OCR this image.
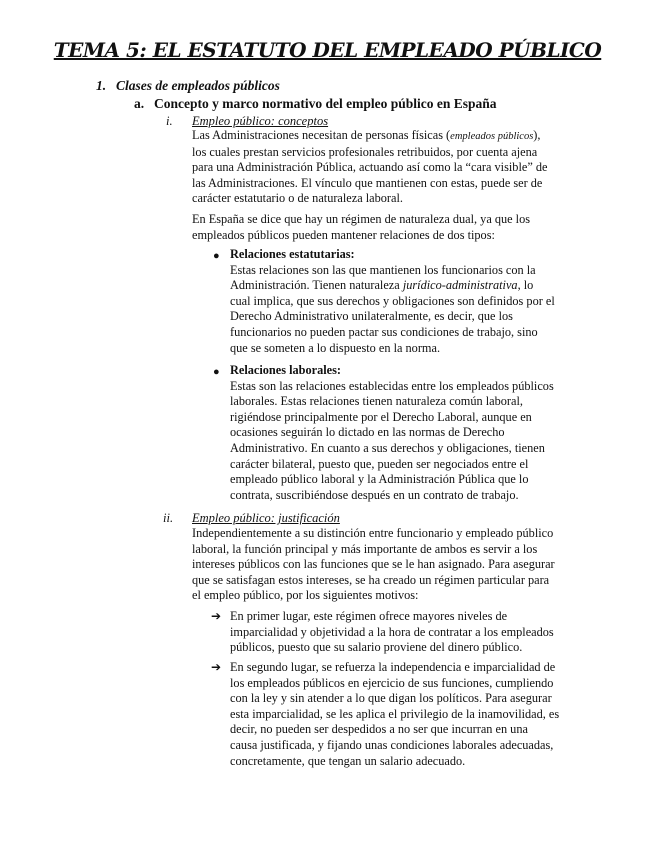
TEMA 5: EL ESTATUTO DEL EMPLEADO PÚBLICO
1. Clases de empleados públicos
a. Concepto y marco normativo del empleo público en España
i. Empleo público: conceptos
Las Administraciones necesitan de personas físicas (empleados públicos),
los cuales prestan servicios profesionales retribuidos, por cuenta ajena
para una Administración Pública, actuando así como la “cara visible” de
las Administraciones. El vínculo que mantienen con estas, puede ser de
carácter estatutario o de naturaleza laboral.
En España se dice que hay un régimen de naturaleza dual, ya que los
empleados públicos pueden mantener relaciones de dos tipos:
● Relaciones estatutarias:
Estas relaciones son las que mantienen los funcionarios con la
Administración. Tienen naturaleza jurídico-administrativa, lo
cual implica, que sus derechos y obligaciones son definidos por el
Derecho Administrativo unilateralmente, es decir, que los
funcionarios no pueden pactar sus condiciones de trabajo, sino
que se someten a lo dispuesto en la norma.
● Relaciones laborales:
Estas son las relaciones establecidas entre los empleados públicos
laborales. Estas relaciones tienen naturaleza común laboral,
rigiéndose principalmente por el Derecho Laboral, aunque en
ocasiones seguirán lo dictado en las normas de Derecho
Administrativo. En cuanto a sus derechos y obligaciones, tienen
carácter bilateral, puesto que, pueden ser negociados entre el
empleado público laboral y la Administración Pública que lo
contrata, suscribiéndose después en un contrato de trabajo.
ii. Empleo público: justificación
Independientemente a su distinción entre funcionario y empleado público
laboral, la función principal y más importante de ambos es servir a los
intereses públicos con las funciones que se le han asignado. Para asegurar
que se satisfagan estos intereses, se ha creado un régimen particular para
el empleo público, por los siguientes motivos:
➔ En primer lugar, este régimen ofrece mayores niveles de
imparcialidad y objetividad a la hora de contratar a los empleados
públicos, puesto que su salario proviene del dinero público.
➔ En segundo lugar, se refuerza la independencia e imparcialidad de
los empleados públicos en ejercicio de sus funciones, cumpliendo
con la ley y sin atender a lo que digan los políticos. Para asegurar
esta imparcialidad, se les aplica el privilegio de la inamovilidad, es
decir, no pueden ser despedidos a no ser que incurran en una
causa justificada, y fijando unas condiciones laborales adecuadas,
concretamente, que tengan un salario adecuado.
